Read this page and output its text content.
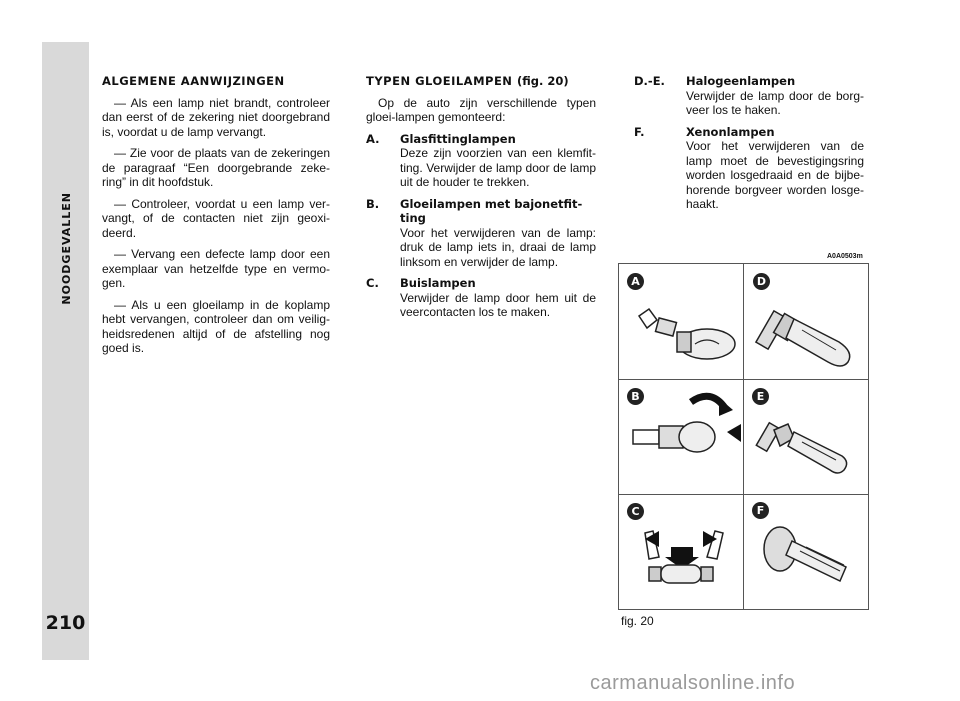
NOODGEVALLEN
210
ALGEMENE AANWIJZINGEN

— Als een lamp niet brandt, controleer dan eerst of de zekering niet doorgebrand is, voordat u de lamp vervangt.

— Zie voor de plaats van de zekeringen de paragraaf “Een doorgebrande zeke-ring” in dit hoofdstuk.

— Controleer, voordat u een lamp ver-vangt, of de contacten niet zijn geoxi-deerd.

— Vervang een defecte lamp door een exemplaar van hetzelfde type en vermo-gen.

— Als u een gloeilamp in de koplamp hebt vervangen, controleer dan om veilig-heidsredenen altijd of de afstelling nog goed is.

TYPEN GLOEILAMPEN (fig. 20)

Op de auto zijn verschillende typen gloei-lampen gemonteerd:

A.	Glasfittinglampen
Deze zijn voorzien van een klemfit-ting. Verwijder de lamp door de lamp uit de houder te trekken.
B.	Gloeilampen met bajonetfit-ting
Voor het verwijderen van de lamp: druk de lamp iets in, draai de lamp linksom en verwijder de lamp.
C.	Buislampen
Verwijder de lamp door hem uit de veercontacten los te maken.
D.-E.	Halogeenlampen
Verwijder de lamp door de borg-veer los te haken.
F.	Xenonlampen
Voor het verwijderen van de lamp moet de bevestigingsring worden losgedraaid en de bijbe-horende borgveer worden losge-haakt.
A0A0503m
A	D
B	E
C	F
fig. 20
carmanualsonline.info
